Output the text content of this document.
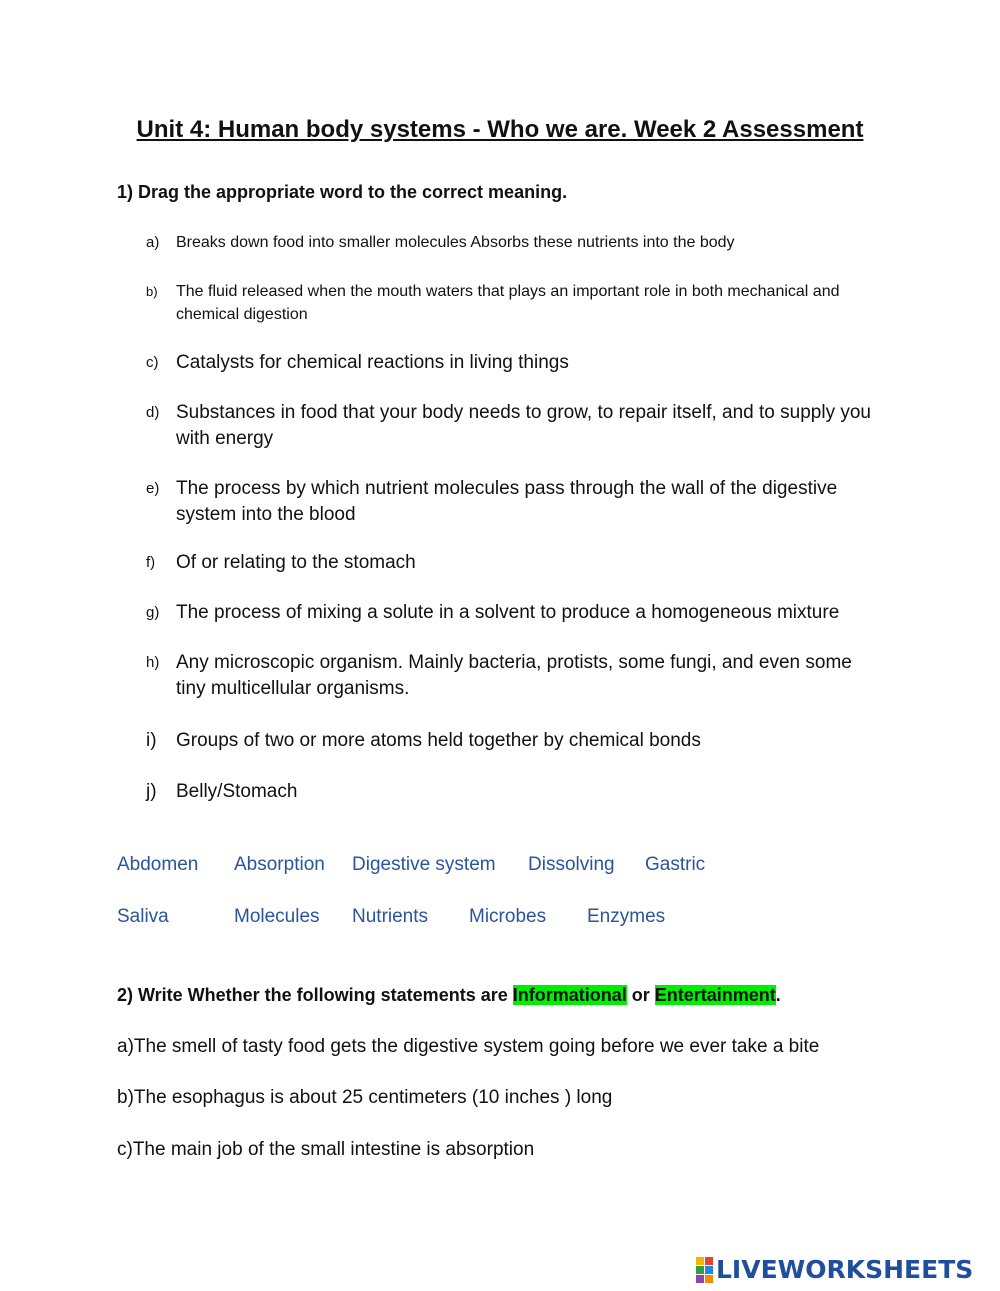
Unit 4: Human body systems - Who we are. Week 2 Assessment

1) Drag the appropriate word to the correct meaning.

a)	Breaks down food into smaller molecules Absorbs these nutrients into the body
b)	The fluid released when the mouth waters that plays an important role in both mechanical and chemical digestion
c) Catalysts for chemical reactions in living things
d) Substances in food that your body needs to grow, to repair itself, and to supply you with energy
e) The process by which nutrient molecules pass through the wall of the digestive system into the blood
f)	Of or relating to the stomach
g) The process of mixing a solute in a solvent to produce a homogeneous mixture
h) Any microscopic organism. Mainly bacteria, protists, some fungi, and even some tiny multicellular organisms.
i)	Groups of two or more atoms held together by chemical bonds
j)	Belly/Stomach
Abdomen Absorption Digestive system Dissolving Gastric
Saliva	Molecules Nutrients Microbes Enzymes

2) Write Whether the following statements are Informational or Entertainment.

a)The smell of tasty food gets the digestive system going before we ever take a bite

b)The esophagus is about 25 centimeters (10 inches ) long

c)The main job of the small intestine is absorption

LIVEWORKSHEETS
